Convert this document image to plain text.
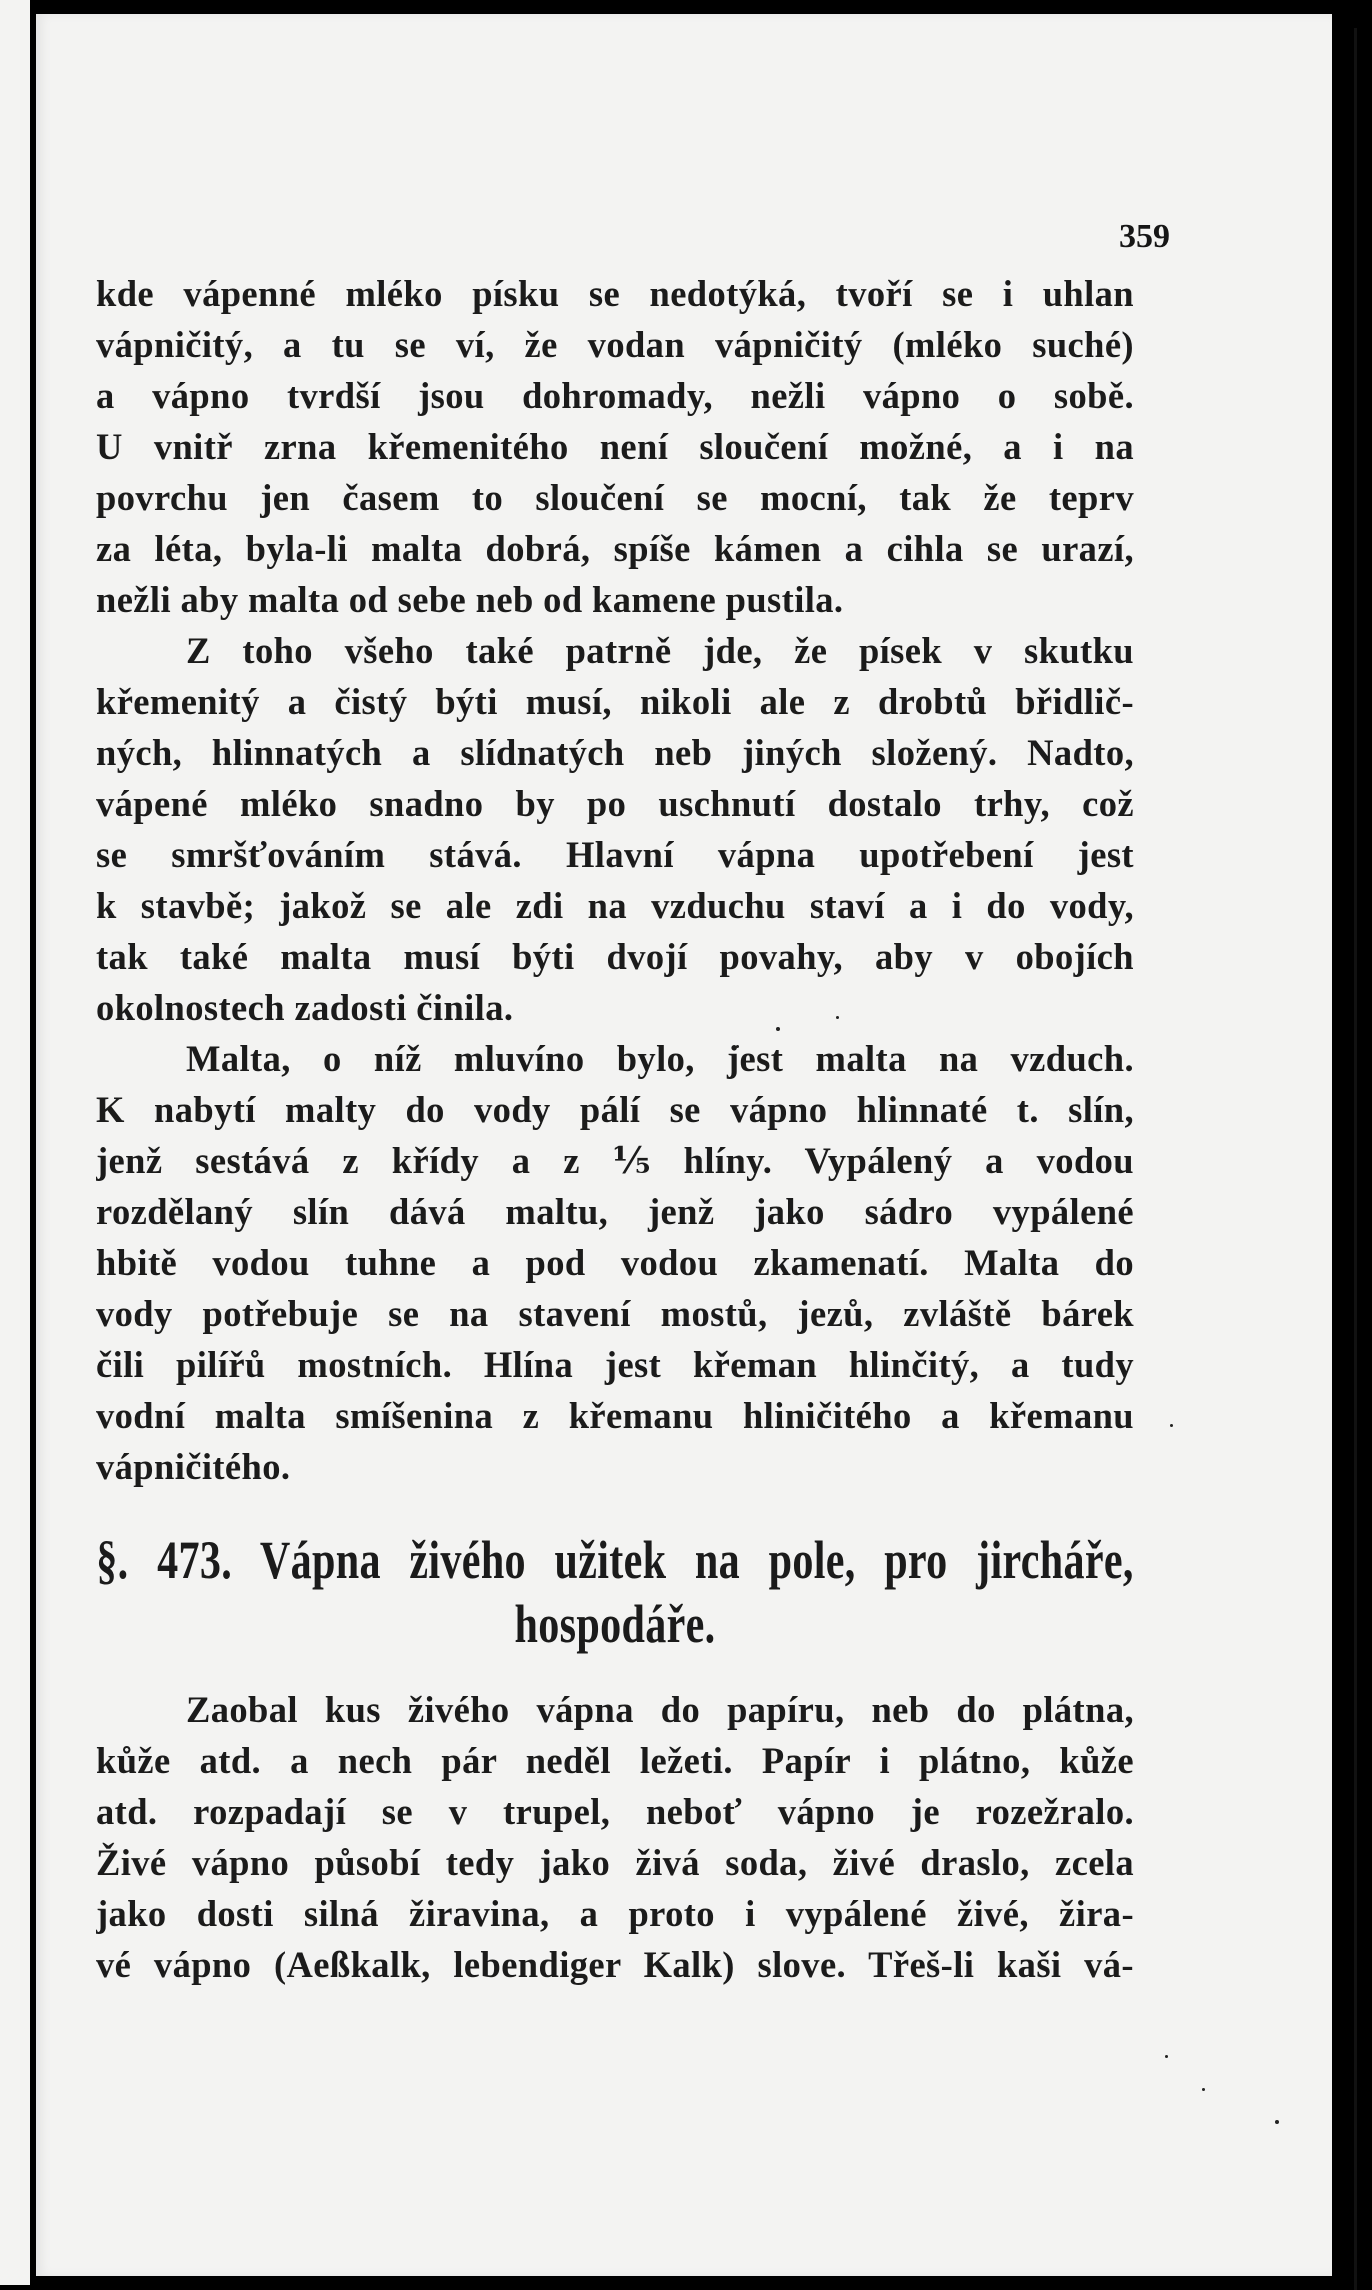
359
kde vápenné mléko písku se nedotýká, tvoří se i uhlan
vápničitý, a tu se ví, že vodan vápničitý (mléko suché)
a vápno tvrdší jsou dohromady, nežli vápno o sobě.
U vnitř zrna křemenitého není sloučení možné, a i na
povrchu jen časem to sloučení se mocní, tak že teprv
za léta, byla-li malta dobrá, spíše kámen a cihla se urazí,
nežli aby malta od sebe neb od kamene pustila.
Z toho všeho také patrně jde, že písek v skutku
křemenitý a čistý býti musí, nikoli ale z drobtů břidlič-
ných, hlinnatých a slídnatých neb jiných složený. Nadto,
vápené mléko snadno by po uschnutí dostalo trhy, což
se smršťováním stává. Hlavní vápna upotřebení jest
k stavbě; jakož se ale zdi na vzduchu staví a i do vody,
tak také malta musí býti dvojí povahy, aby v obojích
okolnostech zadosti činila.
Malta, o níž mluvíno bylo, jest malta na vzduch.
K nabytí malty do vody pálí se vápno hlinnaté t. slín,
jenž sestává z křídy a z ⅕ hlíny. Vypálený a vodou
rozdělaný slín dává maltu, jenž jako sádro vypálené
hbitě vodou tuhne a pod vodou zkamenatí. Malta do
vody potřebuje se na stavení mostů, jezů, zvláště bárek
čili pilířů mostních. Hlína jest křeman hlinčitý, a tudy
vodní malta smíšenina z křemanu hliničitého a křemanu
vápničitého.
§. 473. Vápna živého užitek na pole, pro jircháře,
hospodáře.
Zaobal kus živého vápna do papíru, neb do plátna,
kůže atd. a nech pár neděl ležeti. Papír i plátno, kůže
atd. rozpadají se v trupel, neboť vápno je rozežralo.
Živé vápno působí tedy jako živá soda, živé draslo, zcela
jako dosti silná žiravina, a proto i vypálené živé, žira-
vé vápno (Aeßkalk, lebendiger Kalk) slove. Třeš-li kaši vá-
